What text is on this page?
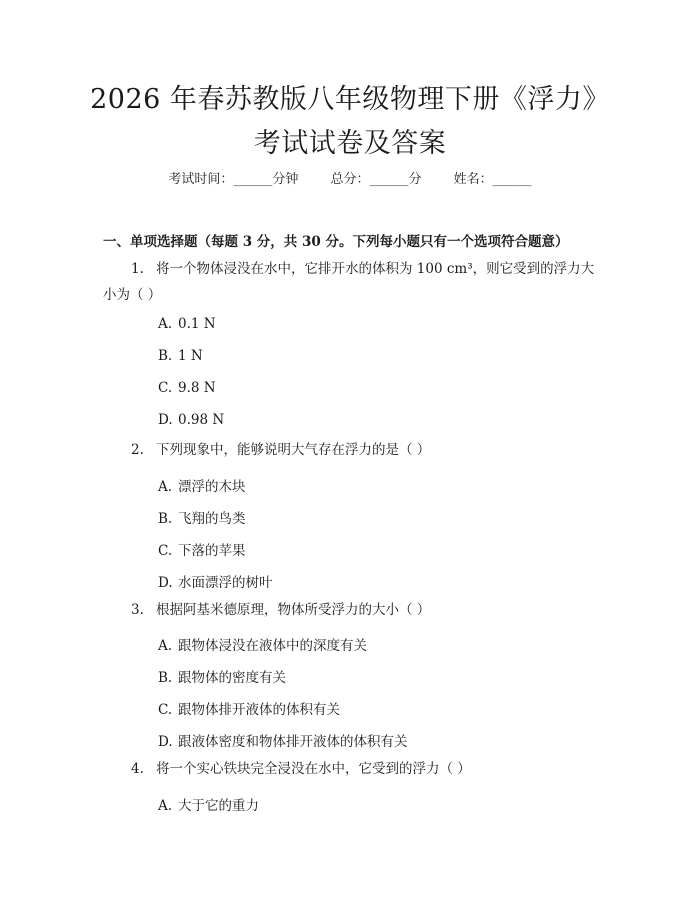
2026 年春苏教版八年级物理下册《浮力》考试试卷及答案
考试时间：______分钟 总分：______分 姓名：______
一、单项选择题（每题 3 分，共 30 分。下列每小题只有一个选项符合题意）
1. 将一个物体浸没在水中，它排开水的体积为 100 cm³，则它受到的浮力大小为（ ）
A. 0.1 N
B. 1 N
C. 9.8 N
D. 0.98 N
2. 下列现象中，能够说明大气存在浮力的是（ ）
A. 漂浮的木块
B. 飞翔的鸟类
C. 下落的苹果
D. 水面漂浮的树叶
3. 根据阿基米德原理，物体所受浮力的大小（ ）
A. 跟物体浸没在液体中的深度有关
B. 跟物体的密度有关
C. 跟物体排开液体的体积有关
D. 跟液体密度和物体排开液体的体积有关
4. 将一个实心铁块完全浸没在水中，它受到的浮力（ ）
A. 大于它的重力
